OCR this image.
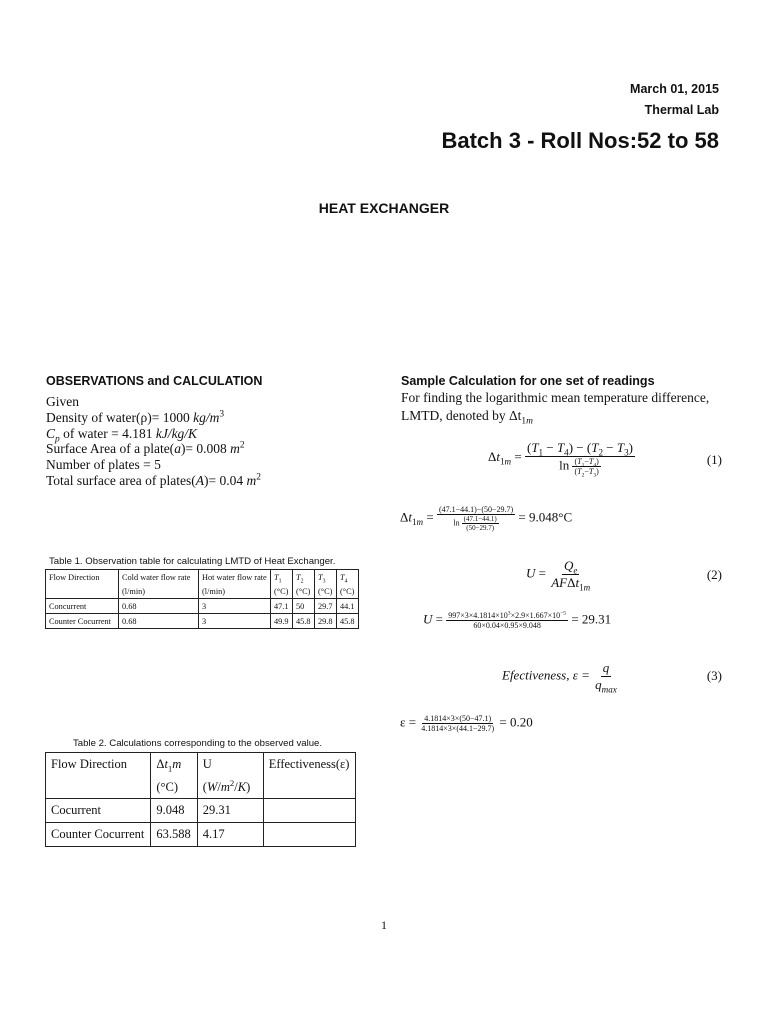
March 01, 2015
Thermal Lab
Batch 3 - Roll Nos:52 to 58
HEAT EXCHANGER
OBSERVATIONS and CALCULATION
Given
Density of water(ρ)= 1000 $kg/m^3$
$C_p$ of water = 4.181 kJ/kg/K
Surface Area of a plate(a)= 0.008 $m^2$
Number of plates = 5
Total surface area of plates(A)= 0.04 $m^2$
Table 1. Observation table for calculating LMTD of Heat Exchanger.
Flow Direction	Cold water flow rate	Hot water flow rate	$T_1$	$T_2$	$T_3$	$T_4$
	(l/min)	(l/min)	(°C)	(°C)	(°C)	(°C)
Concurrent	0.68	3	47.1	50	29.7	44.1
Counter Cocurrent	0.68	3	49.9	45.8	29.8	45.8
Table 2. Calculations corresponding to the observed value.
Flow Direction	$\Delta t_1m$	U	Effectiveness(ε)
	(°C)	$(W/m^2/K)$	
Cocurrent	9.048	29.31	
Counter Cocurrent	63.588	4.17	
Sample Calculation for one set of readings
For finding the logarithmic mean temperature difference, LMTD, denoted by $\Delta t_{1m}$
$\Delta t_{1m} = \frac{(T_1 - T_4) - (T_2 - T_3)}{\ln \frac{(T_1-T_4)}{(T_2-T_3)}}$	(1)
$\Delta t_{1m} = \frac{(47.1-44.1)-(50-29.7)}{\ln \frac{(47.1-44.1)}{(50-29.7)}} = 9.048^\circ C$
$U = \frac{Q_e}{AF\Delta t_{1m}}$	(2)
$U = \frac{997\times 3\times 4.1814\times 10^3\times 2.9\times 1.667\times 10^{-5}}{60\times 0.04\times 0.95\times 9.048} = 29.31$
Efectiveness, $\varepsilon = \frac{q}{q_{max}}$	(3)
$\varepsilon = \frac{4.1814\times 3\times(50-47.1)}{4.1814\times 3\times(44.1-29.7)} = 0.20$
1
